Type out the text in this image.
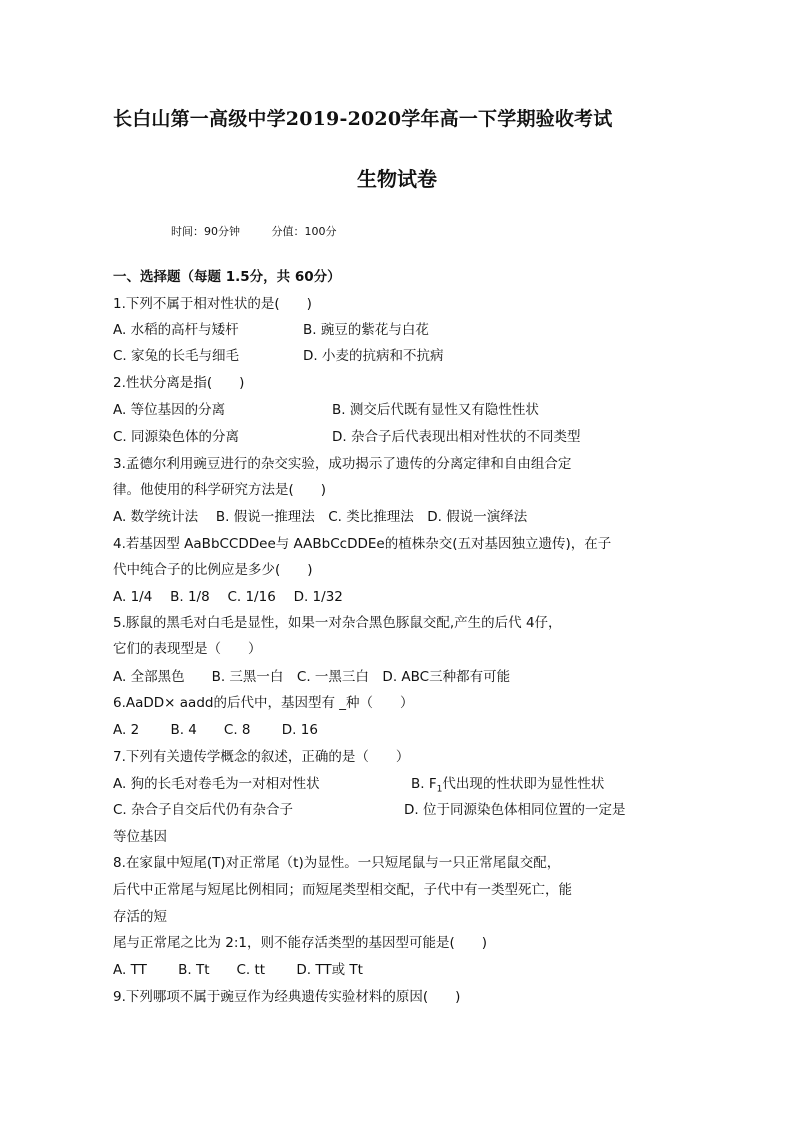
长白山第一高级中学2019-2020学年高一下学期验收考试
生物试卷
时间：90分钟	分值：100分
一、选择题（每题 1.5分，共 60分）
1.下列不属于相对性状的是(　　)
A. 水稻的高杆与矮杆	B. 豌豆的紫花与白花
C. 家兔的长毛与细毛	D. 小麦的抗病和不抗病
2.性状分离是指(　　)
A. 等位基因的分离	B. 测交后代既有显性又有隐性性状
C. 同源染色体的分离	D. 杂合子后代表现出相对性状的不同类型
3.孟德尔利用豌豆进行的杂交实验，成功揭示了遗传的分离定律和自由组合定
律。他使用的科学研究方法是(　　)
A. 数学统计法　 B. 假说一推理法　C. 类比推理法　D. 假说一演绎法
4.若基因型 AaBbCCDDee与 AABbCcDDEe的植株杂交(五对基因独立遗传)，在子
代中纯合子的比例应是多少(　　)
A. 1/4　 B. 1/8　 C. 1/16　 D. 1/32
5.豚鼠的黑毛对白毛是显性，如果一对杂合黑色豚鼠交配,产生的后代 4仔，
它们的表现型是（　　）
A. 全部黑色　　B. 三黑一白　C. 一黑三白　D. ABC三种都有可能
6.AaDD× aadd的后代中，基因型有 _种（　　）
A. 2　　 B. 4　　C. 8　　 D. 16
7.下列有关遗传学概念的叙述，正确的是（　　）
A. 狗的长毛对卷毛为一对相对性状	B. $F_1$代出现的性状即为显性性状
C. 杂合子自交后代仍有杂合子	D. 位于同源染色体相同位置的一定是
等位基因
8.在家鼠中短尾(T)对正常尾（t)为显性。一只短尾鼠与一只正常尾鼠交配，
后代中正常尾与短尾比例相同；而短尾类型相交配，子代中有一类型死亡，能
存活的短
尾与正常尾之比为 2:1，则不能存活类型的基因型可能是(　　)
A. TT　　 B. Tt　　C. tt　　 D. TT或 Tt
9.下列哪项不属于豌豆作为经典遗传实验材料的原因(　　)
